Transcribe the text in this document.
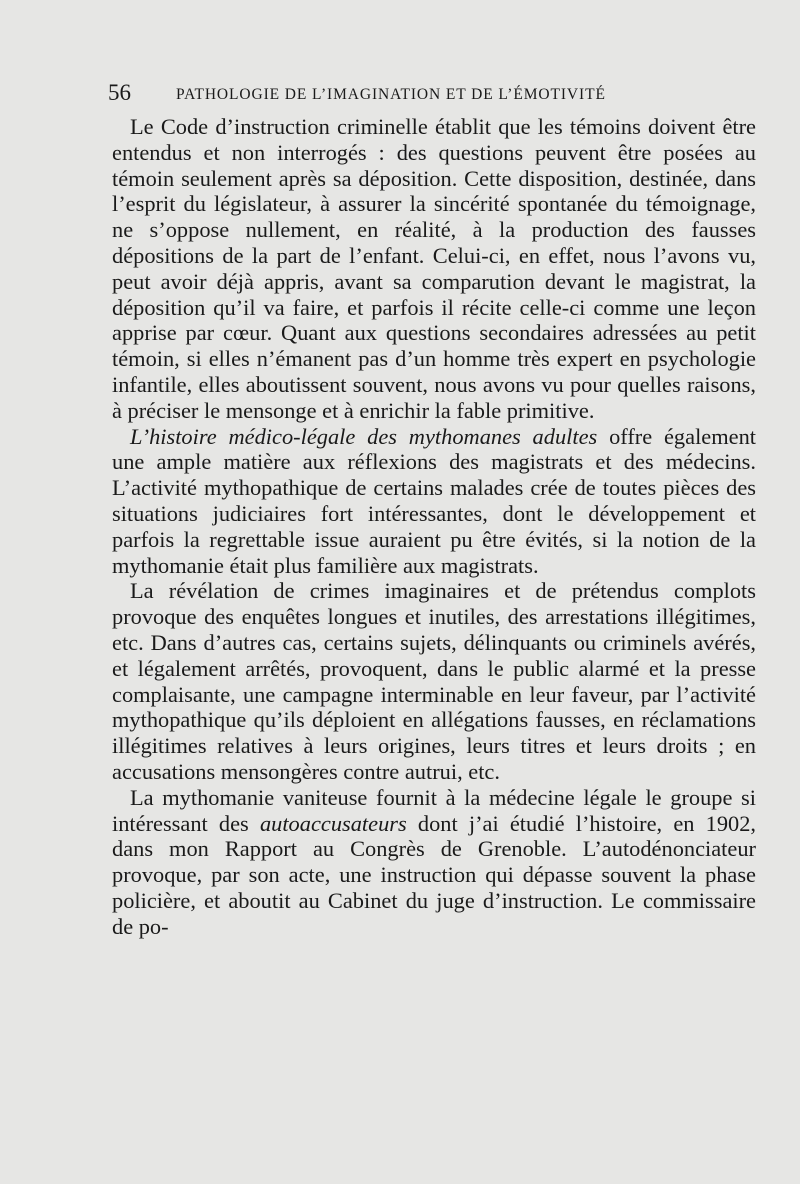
56	PATHOLOGIE DE L’IMAGINATION ET DE L’ÉMOTIVITÉ

Le Code d’instruction criminelle établit que les témoins doivent être entendus et non interrogés : des questions peuvent être posées au témoin seulement après sa déposition. Cette disposition, destinée, dans l’esprit du législateur, à assurer la sincérité spontanée du témoignage, ne s’oppose nullement, en réalité, à la production des fausses dépositions de la part de l’enfant. Celui-ci, en effet, nous l’avons vu, peut avoir déjà appris, avant sa comparution devant le magistrat, la déposition qu’il va faire, et parfois il récite celle-ci comme une leçon apprise par cœur. Quant aux questions secondaires adressées au petit témoin, si elles n’émanent pas d’un homme très expert en psychologie infantile, elles aboutissent souvent, nous avons vu pour quelles raisons, à préciser le mensonge et à enrichir la fable primitive.

L’histoire médico-légale des mythomanes adultes offre également une ample matière aux réflexions des magistrats et des médecins. L’activité mythopathique de certains malades crée de toutes pièces des situations judiciaires fort intéressantes, dont le développement et parfois la regrettable issue auraient pu être évités, si la notion de la mythomanie était plus familière aux magistrats.

La révélation de crimes imaginaires et de prétendus complots provoque des enquêtes longues et inutiles, des arrestations illégitimes, etc. Dans d’autres cas, certains sujets, délinquants ou criminels avérés, et légalement arrêtés, provoquent, dans le public alarmé et la presse complaisante, une campagne interminable en leur faveur, par l’activité mythopathique qu’ils déploient en allégations fausses, en réclamations illégitimes relatives à leurs origines, leurs titres et leurs droits ; en accusations mensongères contre autrui, etc.

La mythomanie vaniteuse fournit à la médecine légale le groupe si intéressant des autoaccusateurs dont j’ai étudié l’histoire, en 1902, dans mon Rapport au Congrès de Grenoble. L’autodénonciateur provoque, par son acte, une instruction qui dépasse souvent la phase policière, et aboutit au Cabinet du juge d’instruction. Le commissaire de po-
